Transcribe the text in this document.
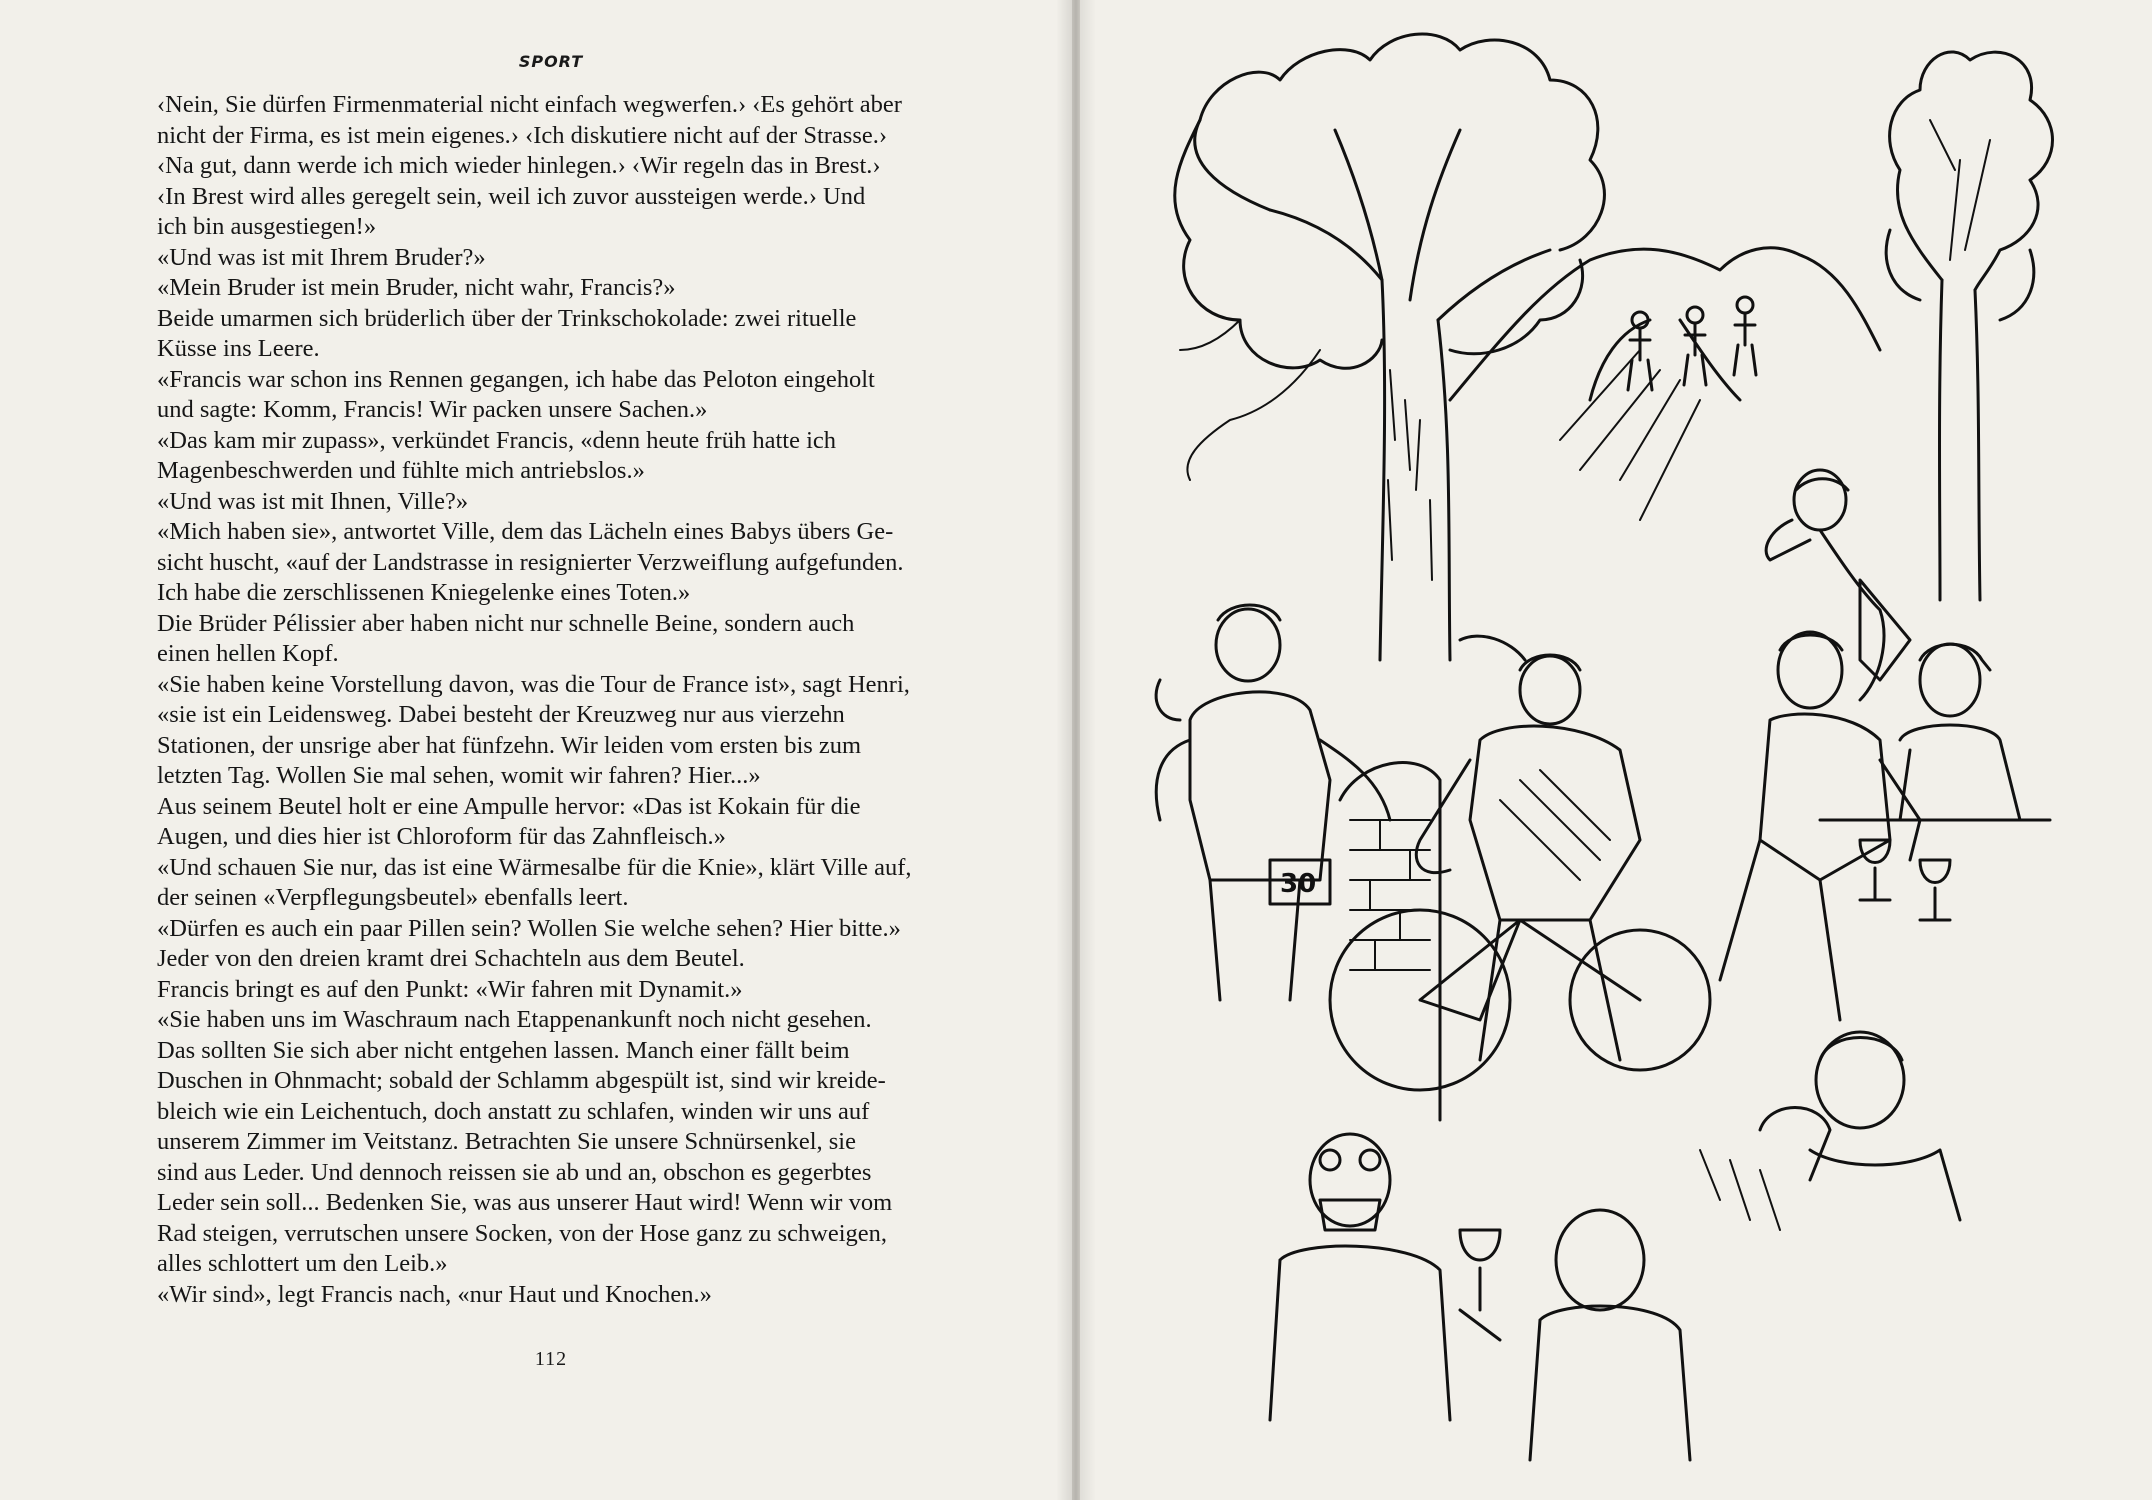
SPORT
‹Nein, Sie dürfen Firmenmaterial nicht einfach wegwerfen.› ‹Es gehört aber
nicht der Firma, es ist mein eigenes.› ‹Ich diskutiere nicht auf der Strasse.›
‹Na gut, dann werde ich mich wieder hinlegen.› ‹Wir regeln das in Brest.›
‹In Brest wird alles geregelt sein, weil ich zuvor aussteigen werde.› Und
ich bin ausgestiegen!»
«Und was ist mit Ihrem Bruder?»
«Mein Bruder ist mein Bruder, nicht wahr, Francis?»
Beide umarmen sich brüderlich über der Trinkschokolade: zwei rituelle
Küsse ins Leere.
«Francis war schon ins Rennen gegangen, ich habe das Peloton eingeholt
und sagte: Komm, Francis! Wir packen unsere Sachen.»
«Das kam mir zupass», verkündet Francis, «denn heute früh hatte ich
Magenbeschwerden und fühlte mich antriebslos.»
«Und was ist mit Ihnen, Ville?»
«Mich haben sie», antwortet Ville, dem das Lächeln eines Babys übers Ge-
sicht huscht, «auf der Landstrasse in resignierter Verzweiflung aufgefunden.
Ich habe die zerschlissenen Kniegelenke eines Toten.»
Die Brüder Pélissier aber haben nicht nur schnelle Beine, sondern auch
einen hellen Kopf.
«Sie haben keine Vorstellung davon, was die Tour de France ist», sagt Henri,
«sie ist ein Leidensweg. Dabei besteht der Kreuzweg nur aus vierzehn
Stationen, der unsrige aber hat fünfzehn. Wir leiden vom ersten bis zum
letzten Tag. Wollen Sie mal sehen, womit wir fahren? Hier...»
Aus seinem Beutel holt er eine Ampulle hervor: «Das ist Kokain für die
Augen, und dies hier ist Chloroform für das Zahnfleisch.»
«Und schauen Sie nur, das ist eine Wärmesalbe für die Knie», klärt Ville auf,
der seinen «Verpflegungsbeutel» ebenfalls leert.
«Dürfen es auch ein paar Pillen sein? Wollen Sie welche sehen? Hier bitte.»
Jeder von den dreien kramt drei Schachteln aus dem Beutel.
Francis bringt es auf den Punkt: «Wir fahren mit Dynamit.»
«Sie haben uns im Waschraum nach Etappenankunft noch nicht gesehen.
Das sollten Sie sich aber nicht entgehen lassen. Manch einer fällt beim
Duschen in Ohnmacht; sobald der Schlamm abgespült ist, sind wir kreide-
bleich wie ein Leichentuch, doch anstatt zu schlafen, winden wir uns auf
unserem Zimmer im Veitstanz. Betrachten Sie unsere Schnürsenkel, sie
sind aus Leder. Und dennoch reissen sie ab und an, obschon es gegerbtes
Leder sein soll... Bedenken Sie, was aus unserer Haut wird! Wenn wir vom
Rad steigen, verrutschen unsere Socken, von der Hose ganz zu schweigen,
alles schlottert um den Leib.»
«Wir sind», legt Francis nach, «nur Haut und Knochen.»
112
30
